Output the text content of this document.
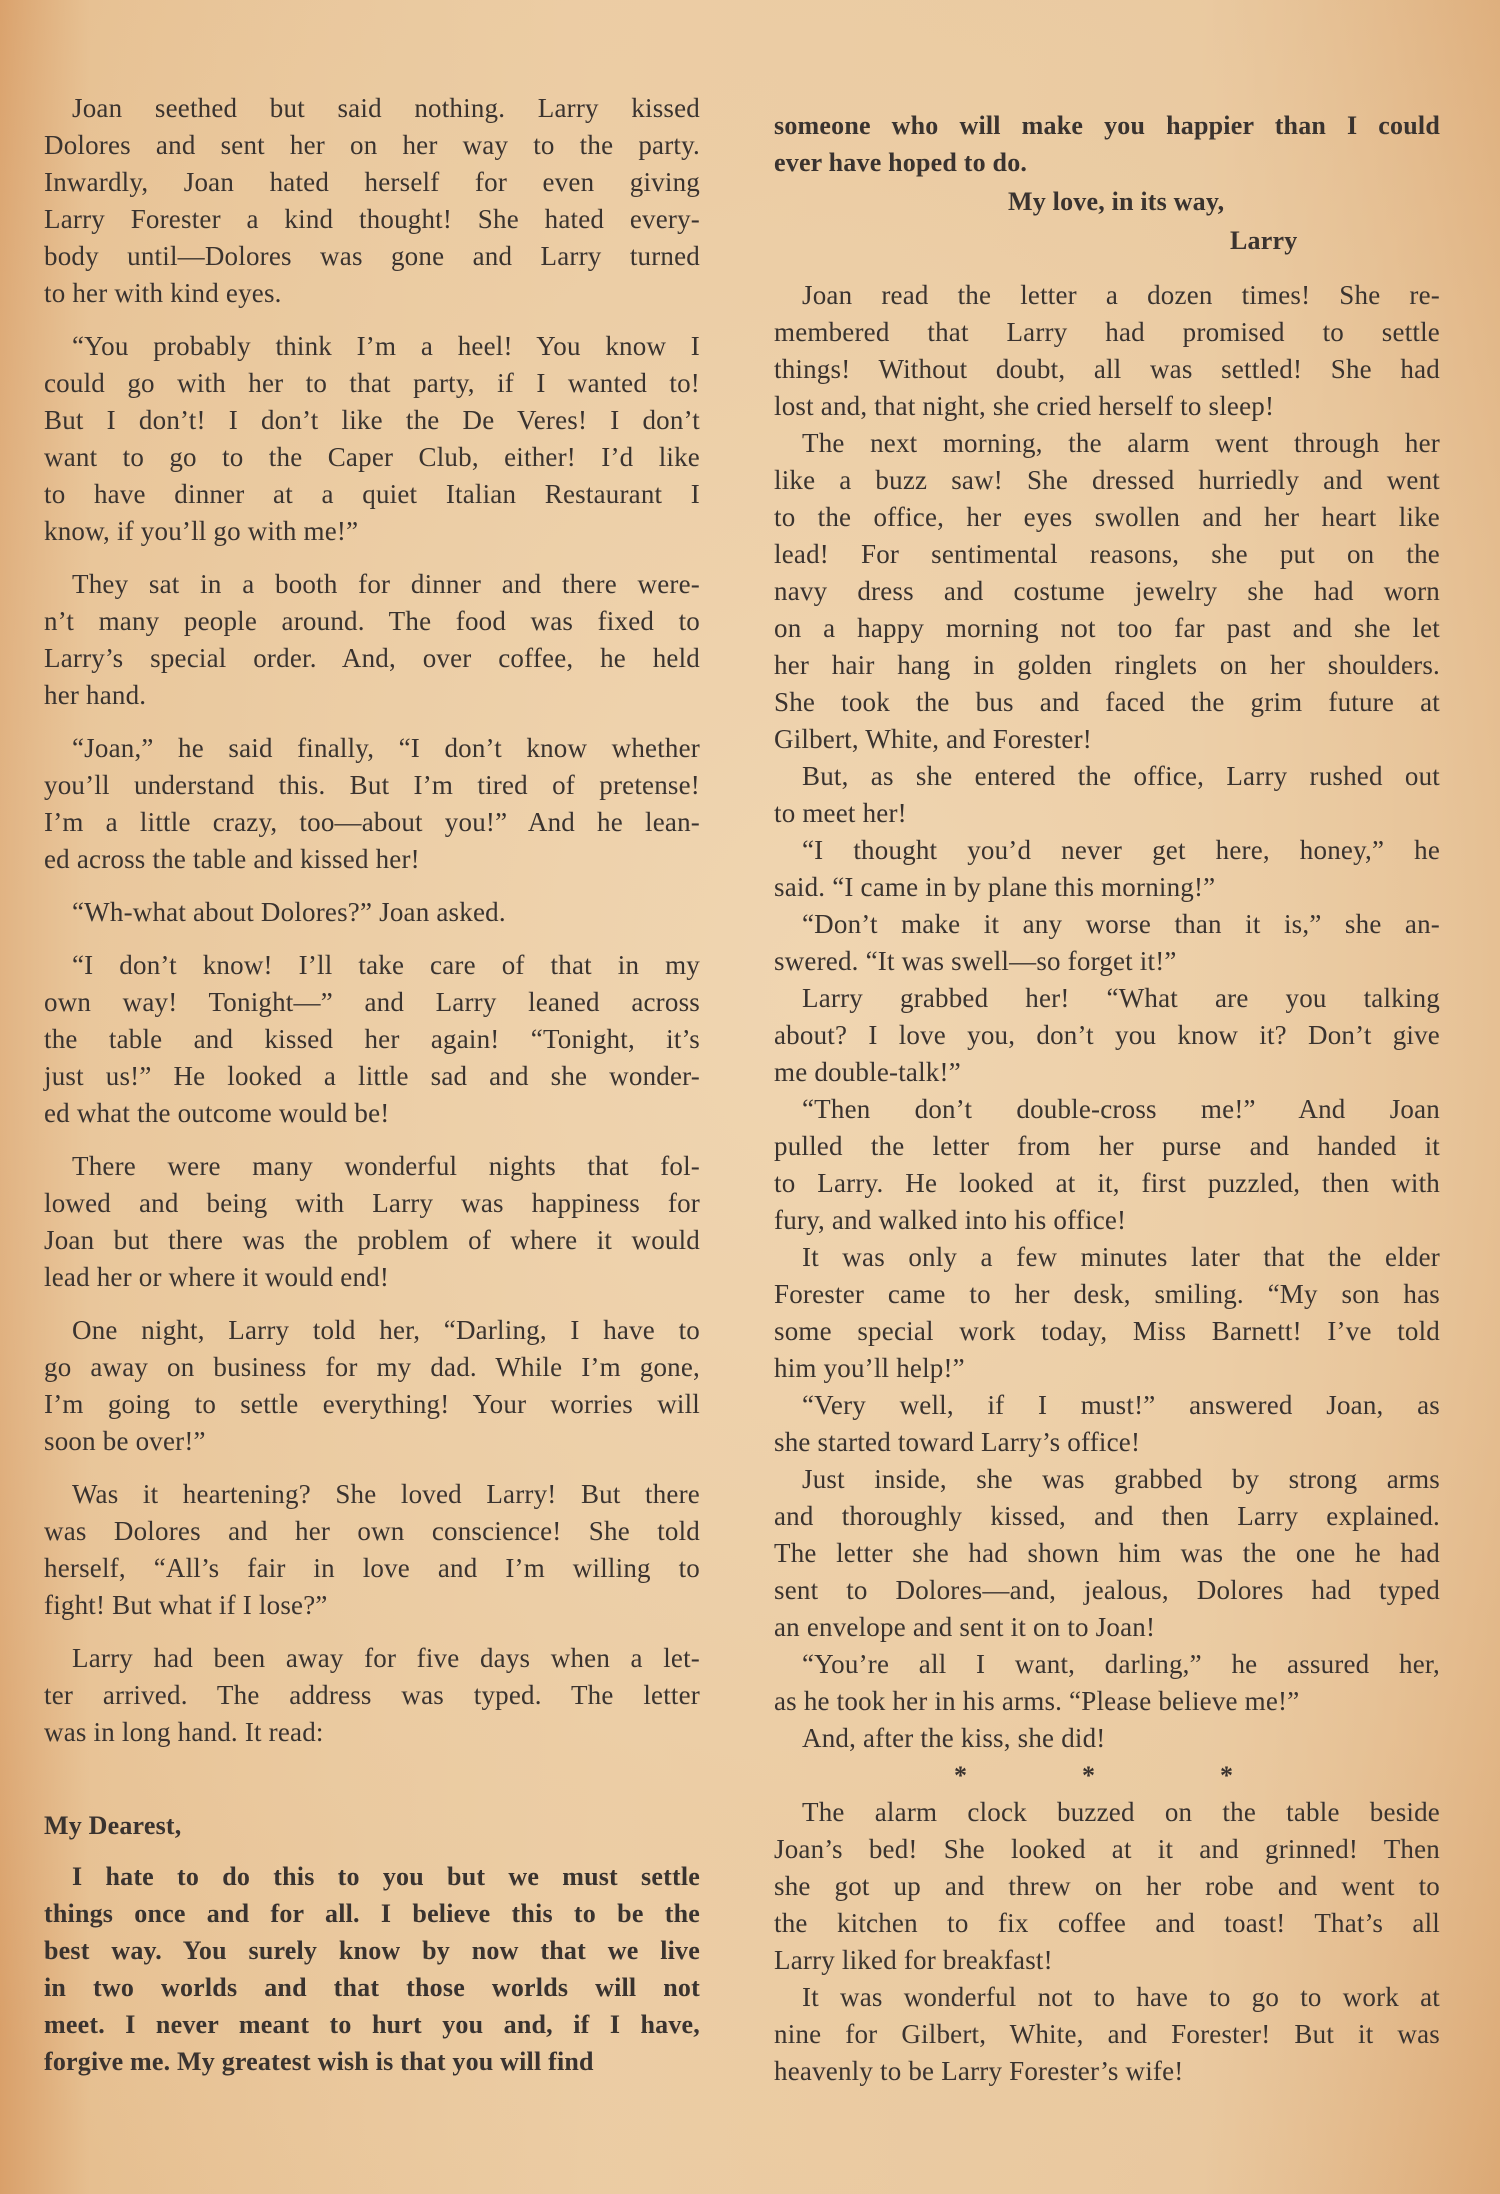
Joan seethed but said nothing. Larry kissed
Dolores and sent her on her way to the party.
Inwardly, Joan hated herself for even giving
Larry Forester a kind thought! She hated every-
body until—Dolores was gone and Larry turned
to her with kind eyes.
“You probably think I’m a heel! You know I
could go with her to that party, if I wanted to!
But I don’t! I don’t like the De Veres! I don’t
want to go to the Caper Club, either! I’d like
to have dinner at a quiet Italian Restaurant I
know, if you’ll go with me!”
They sat in a booth for dinner and there were-
n’t many people around. The food was fixed to
Larry’s special order. And, over coffee, he held
her hand.
“Joan,” he said finally, “I don’t know whether
you’ll understand this. But I’m tired of pretense!
I’m a little crazy, too—about you!” And he lean-
ed across the table and kissed her!
“Wh-what about Dolores?” Joan asked.
“I don’t know! I’ll take care of that in my
own way! Tonight—” and Larry leaned across
the table and kissed her again! “Tonight, it’s
just us!” He looked a little sad and she wonder-
ed what the outcome would be!
There were many wonderful nights that fol-
lowed and being with Larry was happiness for
Joan but there was the problem of where it would
lead her or where it would end!
One night, Larry told her, “Darling, I have to
go away on business for my dad. While I’m gone,
I’m going to settle everything! Your worries will
soon be over!”
Was it heartening? She loved Larry! But there
was Dolores and her own conscience! She told
herself, “All’s fair in love and I’m willing to
fight! But what if I lose?”
Larry had been away for five days when a let-
ter arrived. The address was typed. The letter
was in long hand. It read:
My Dearest,
I hate to do this to you but we must settle
things once and for all. I believe this to be the
best way. You surely know by now that we live
in two worlds and that those worlds will not
meet. I never meant to hurt you and, if I have,
forgive me. My greatest wish is that you will find
someone who will make you happier than I could
ever have hoped to do.
My love, in its way,
Larry
Joan read the letter a dozen times! She re-
membered that Larry had promised to settle
things! Without doubt, all was settled! She had
lost and, that night, she cried herself to sleep!
The next morning, the alarm went through her
like a buzz saw! She dressed hurriedly and went
to the office, her eyes swollen and her heart like
lead! For sentimental reasons, she put on the
navy dress and costume jewelry she had worn
on a happy morning not too far past and she let
her hair hang in golden ringlets on her shoulders.
She took the bus and faced the grim future at
Gilbert, White, and Forester!
But, as she entered the office, Larry rushed out
to meet her!
“I thought you’d never get here, honey,” he
said. “I came in by plane this morning!”
“Don’t make it any worse than it is,” she an-
swered. “It was swell—so forget it!”
Larry grabbed her! “What are you talking
about? I love you, don’t you know it? Don’t give
me double-talk!”
“Then don’t double-cross me!” And Joan
pulled the letter from her purse and handed it
to Larry. He looked at it, first puzzled, then with
fury, and walked into his office!
It was only a few minutes later that the elder
Forester came to her desk, smiling. “My son has
some special work today, Miss Barnett! I’ve told
him you’ll help!”
“Very well, if I must!” answered Joan, as
she started toward Larry’s office!
Just inside, she was grabbed by strong arms
and thoroughly kissed, and then Larry explained.
The letter she had shown him was the one he had
sent to Dolores—and, jealous, Dolores had typed
an envelope and sent it on to Joan!
“You’re all I want, darling,” he assured her,
as he took her in his arms. “Please believe me!”
And, after the kiss, she did!
*	*	*
The alarm clock buzzed on the table beside
Joan’s bed! She looked at it and grinned! Then
she got up and threw on her robe and went to
the kitchen to fix coffee and toast! That’s all
Larry liked for breakfast!
It was wonderful not to have to go to work at
nine for Gilbert, White, and Forester! But it was
heavenly to be Larry Forester’s wife!
